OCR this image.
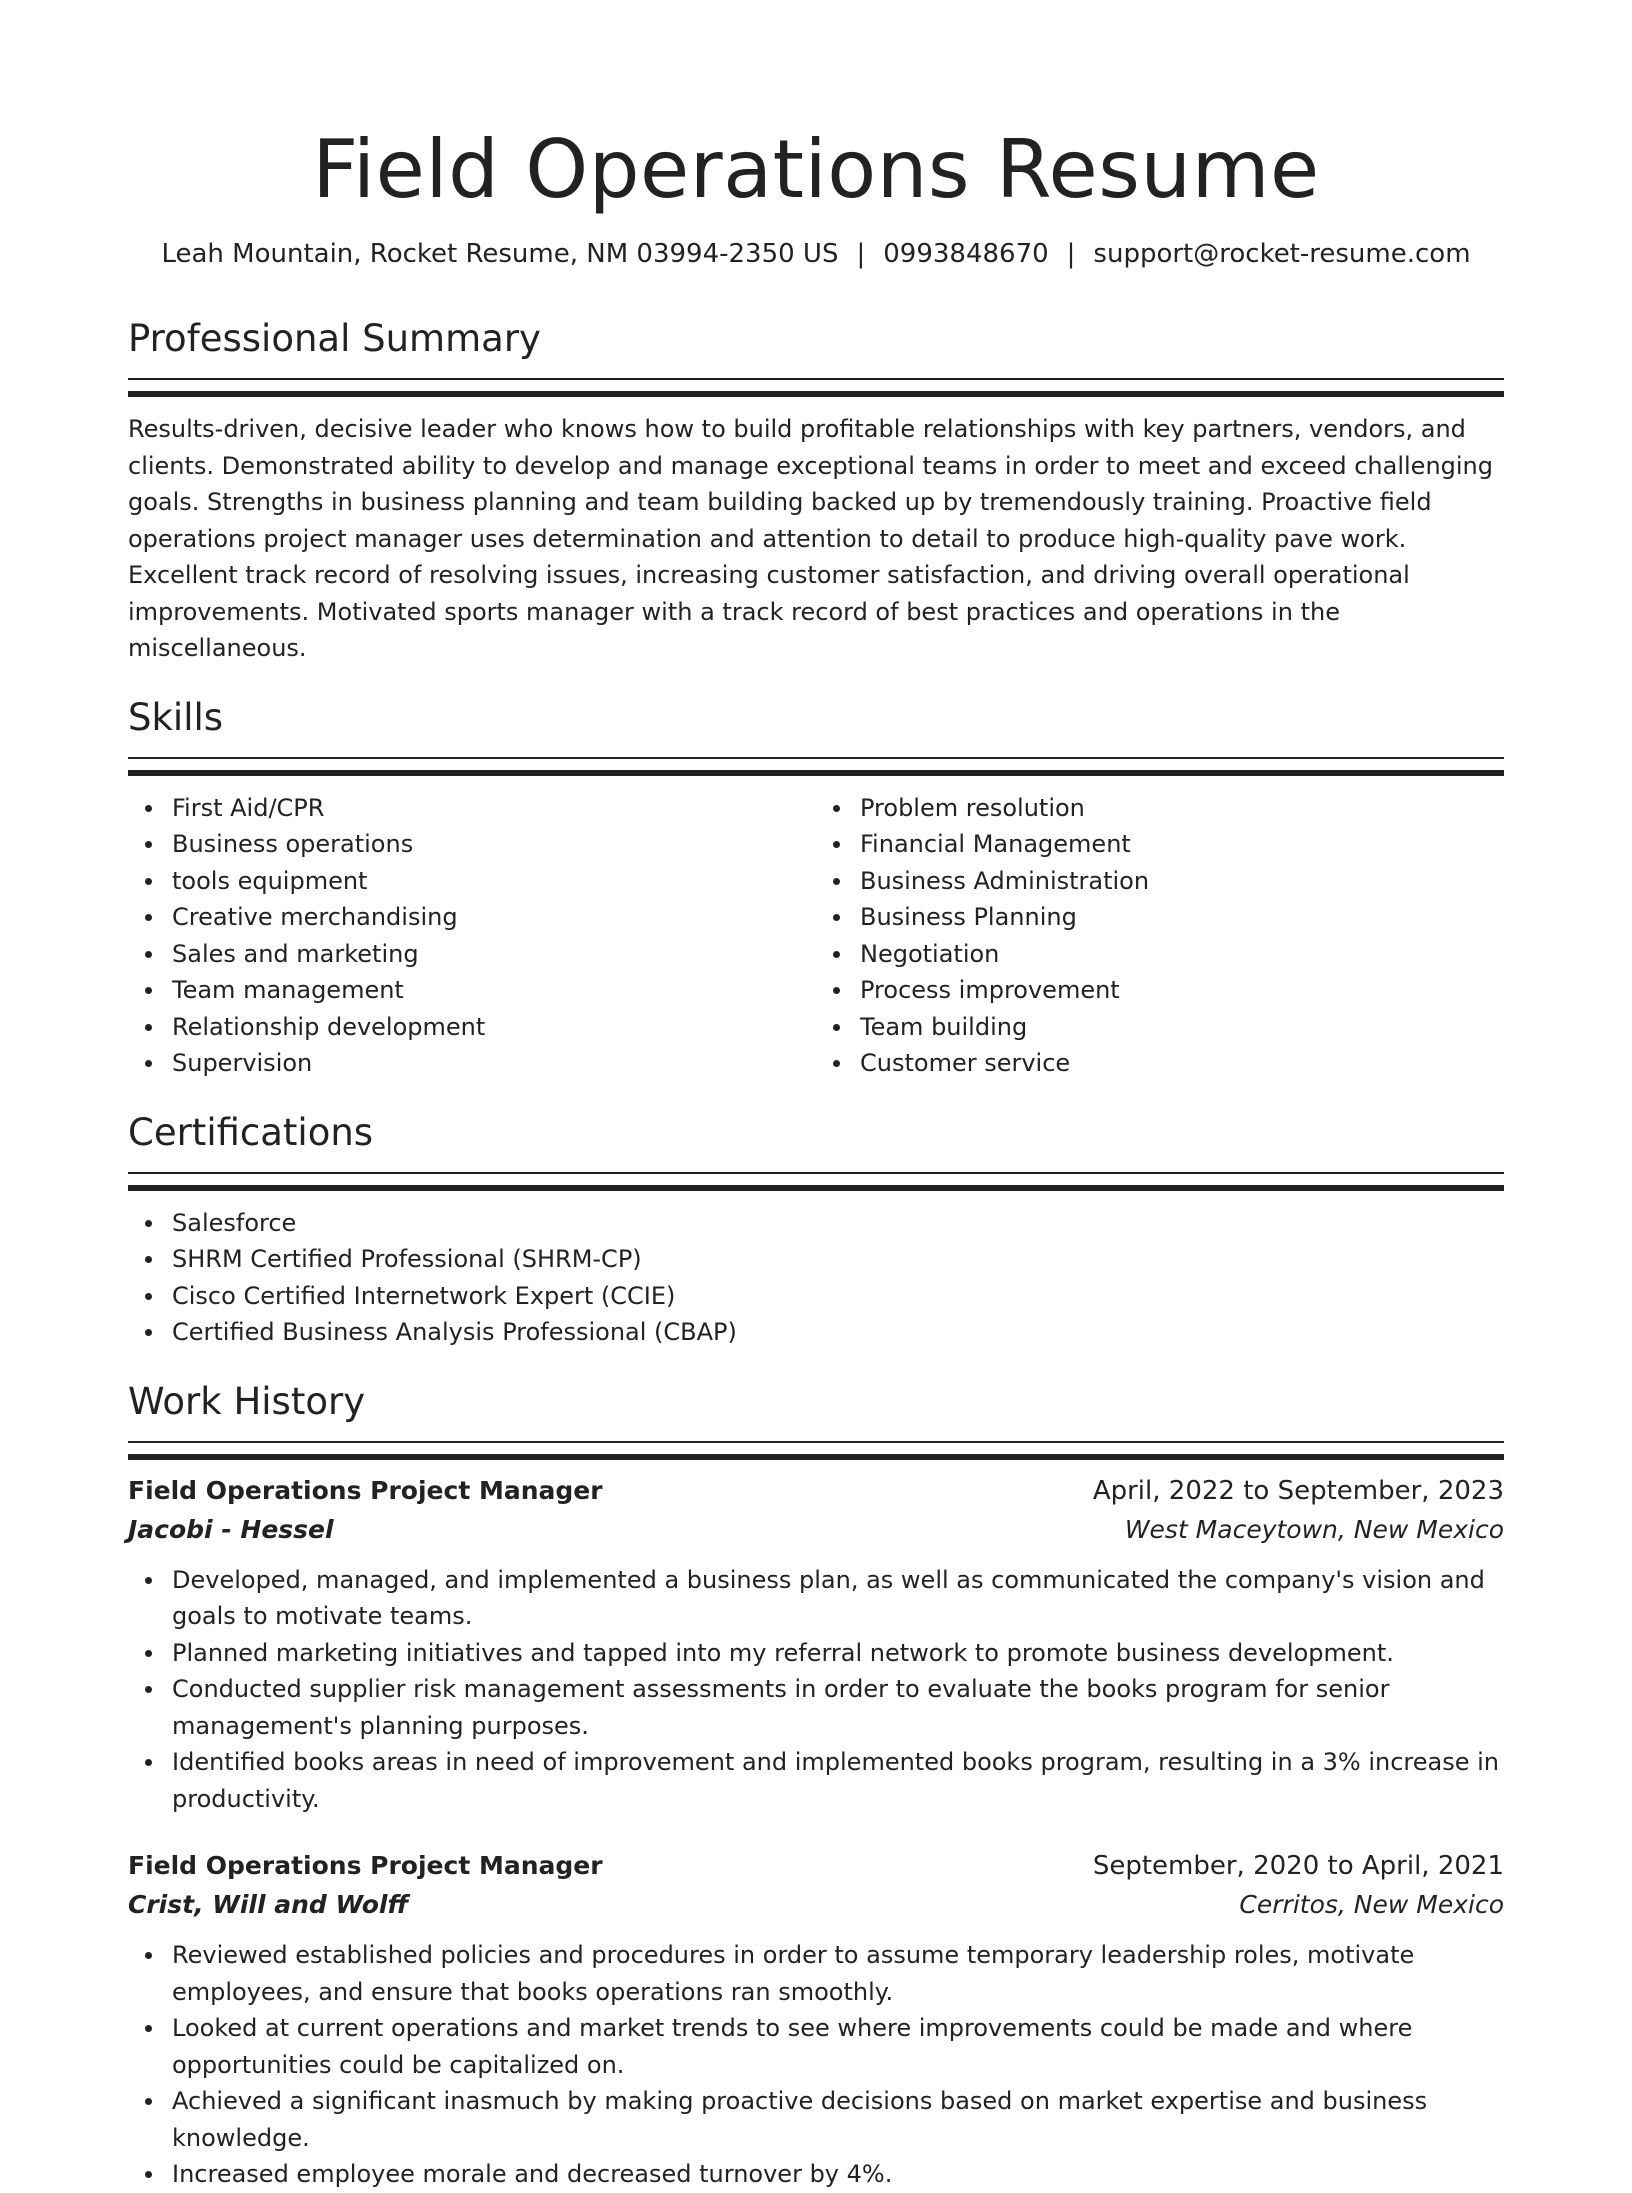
Field Operations Resume
Leah Mountain, Rocket Resume, NM 03994-2350 US | 0993848670 | support@rocket-resume.com
Professional Summary

Results-driven, decisive leader who knows how to build profitable relationships with key partners, vendors, and clients. Demonstrated ability to develop and manage exceptional teams in order to meet and exceed challenging goals. Strengths in business planning and team building backed up by tremendously training. Proactive field operations project manager uses determination and attention to detail to produce high-quality pave work. Excellent track record of resolving issues, increasing customer satisfaction, and driving overall operational improvements. Motivated sports manager with a track record of best practices and operations in the miscellaneous.

Skills
First Aid/CPR
Business operations
tools equipment
Creative merchandising
Sales and marketing
Team management
Relationship development
Supervision
Problem resolution
Financial Management
Business Administration
Business Planning
Negotiation
Process improvement
Team building
Customer service
Certifications
Salesforce
SHRM Certified Professional (SHRM-CP)
Cisco Certified Internetwork Expert (CCIE)
Certified Business Analysis Professional (CBAP)
Work History
Field Operations Project Manager	April, 2022 to September, 2023
Jacobi - Hessel	West Maceytown, New Mexico
Developed, managed, and implemented a business plan, as well as communicated the company's vision and goals to motivate teams.
Planned marketing initiatives and tapped into my referral network to promote business development.
Conducted supplier risk management assessments in order to evaluate the books program for senior management's planning purposes.
Identified books areas in need of improvement and implemented books program, resulting in a 3% increase in productivity.
Field Operations Project Manager	September, 2020 to April, 2021
Crist, Will and Wolff	Cerritos, New Mexico
Reviewed established policies and procedures in order to assume temporary leadership roles, motivate employees, and ensure that books operations ran smoothly.
Looked at current operations and market trends to see where improvements could be made and where opportunities could be capitalized on.
Achieved a significant inasmuch by making proactive decisions based on market expertise and business knowledge.
Increased employee morale and decreased turnover by 4%.
